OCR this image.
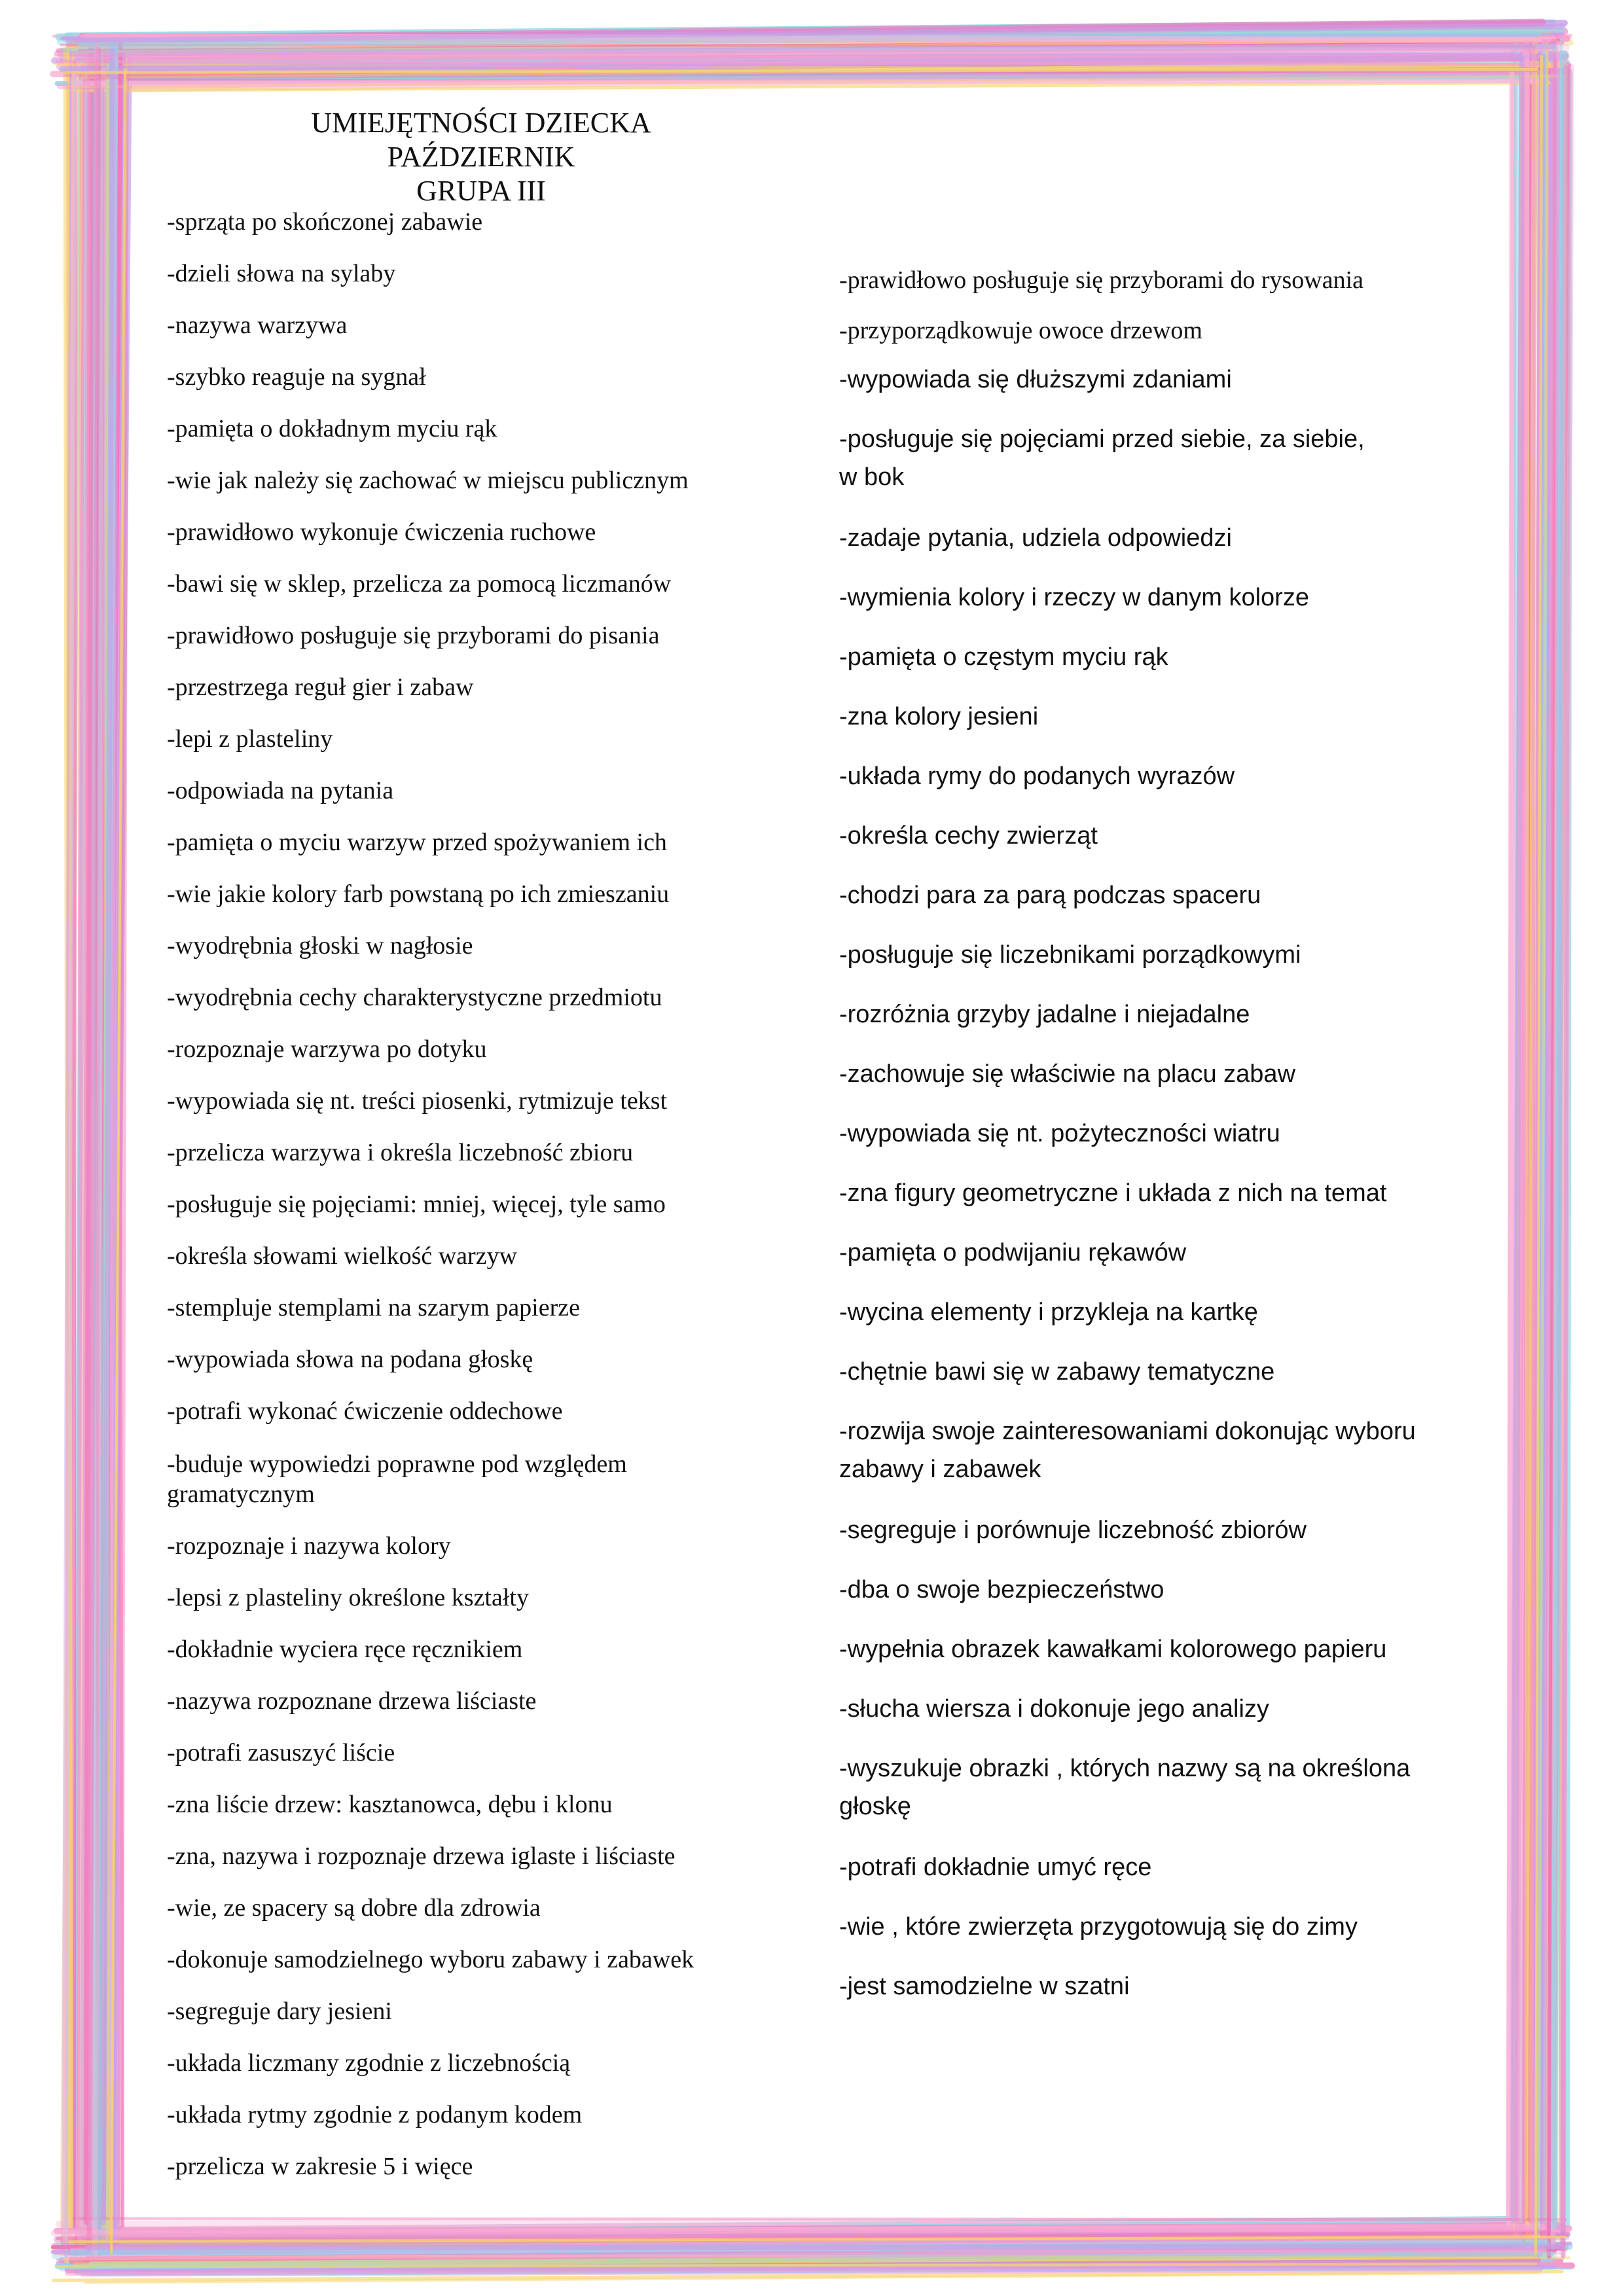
UMIEJĘTNOŚCI DZIECKA
PAŹDZIERNIK
GRUPA III
-sprząta po skończonej zabawie
-dzieli słowa na sylaby
-nazywa warzywa
-szybko reaguje na sygnał
-pamięta o dokładnym myciu rąk
-wie jak należy się zachować w miejscu publicznym
-prawidłowo wykonuje ćwiczenia ruchowe
-bawi się w sklep, przelicza za pomocą liczmanów
-prawidłowo posługuje się przyborami do pisania
-przestrzega reguł gier i zabaw
-lepi z plasteliny
-odpowiada na pytania
-pamięta o myciu warzyw przed spożywaniem ich
-wie jakie kolory farb powstaną po ich zmieszaniu
-wyodrębnia głoski w nagłosie
-wyodrębnia cechy charakterystyczne przedmiotu
-rozpoznaje warzywa po dotyku
-wypowiada się nt. treści piosenki, rytmizuje tekst
-przelicza warzywa i określa liczebność zbioru
-posługuje się pojęciami: mniej, więcej, tyle samo
-określa słowami wielkość warzyw
-stempluje stemplami na szarym papierze
-wypowiada słowa na podana głoskę
-potrafi wykonać ćwiczenie oddechowe
-buduje wypowiedzi poprawne pod względem
gramatycznym
-rozpoznaje i nazywa kolory
-lepsi z plasteliny określone kształty
-dokładnie wyciera ręce ręcznikiem
-nazywa rozpoznane drzewa liściaste
-potrafi zasuszyć liście
-zna liście drzew: kasztanowca, dębu i klonu
-zna, nazywa i rozpoznaje drzewa iglaste i liściaste
-wie, ze spacery są dobre dla zdrowia
-dokonuje samodzielnego wyboru zabawy i zabawek
-segreguje dary jesieni
-układa liczmany zgodnie z liczebnością
-układa rytmy zgodnie z podanym kodem
-przelicza w zakresie 5 i więce
-prawidłowo posługuje się przyborami do rysowania
-przyporządkowuje owoce drzewom
-wypowiada się dłuższymi zdaniami
-posługuje się pojęciami przed siebie, za siebie,
w bok
-zadaje pytania, udziela odpowiedzi
-wymienia kolory i rzeczy w danym kolorze
-pamięta o częstym myciu rąk
-zna kolory jesieni
-układa rymy do podanych wyrazów
-określa cechy zwierząt
-chodzi para za parą podczas spaceru
-posługuje się liczebnikami porządkowymi
-rozróżnia grzyby jadalne i niejadalne
-zachowuje się właściwie na placu zabaw
-wypowiada się nt. pożyteczności wiatru
-zna figury geometryczne i układa z nich na temat
-pamięta o podwijaniu rękawów
-wycina elementy i przykleja na kartkę
-chętnie bawi się w zabawy tematyczne
-rozwija swoje zainteresowaniami dokonując wyboru
zabawy i zabawek
-segreguje i porównuje liczebność zbiorów
-dba o swoje bezpieczeństwo
-wypełnia obrazek kawałkami kolorowego papieru
-słucha wiersza i dokonuje jego analizy
-wyszukuje obrazki , których nazwy są na określona
głoskę
-potrafi dokładnie umyć ręce
-wie , które zwierzęta przygotowują się do zimy
-jest samodzielne w szatni
